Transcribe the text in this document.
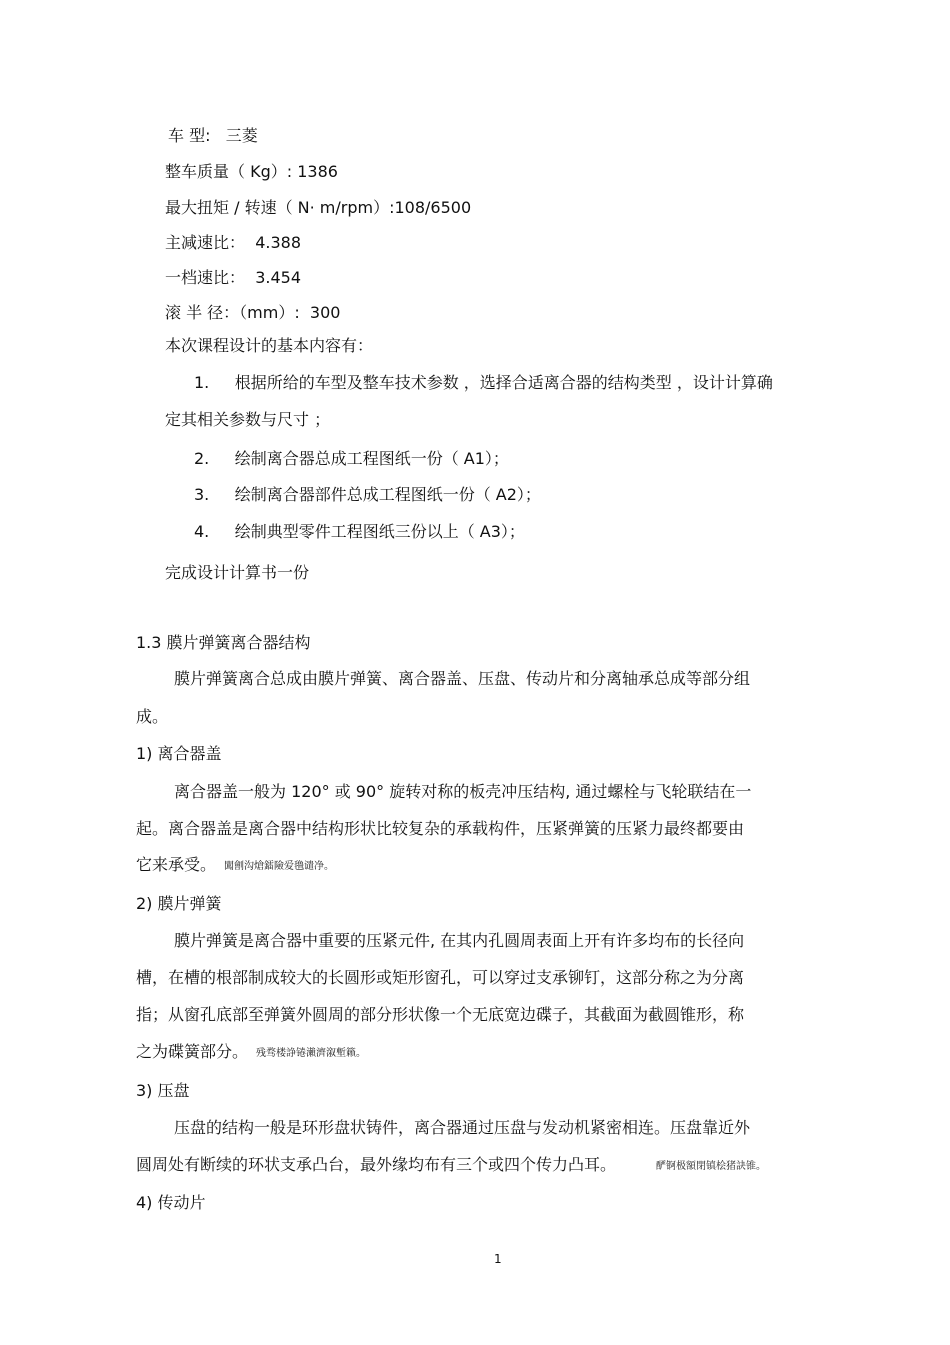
车 型: 三菱
整车质量（ Kg）: 1386
最大扭矩 / 转速（ N· m/rpm）:108/6500
主减速比： 4.388
一档速比： 3.454
滚 半 径：（mm）: 300
本次课程设计的基本内容有：
1. 根据所给的车型及整车技术参数 ，选择合适离合器的结构类型 ，设计计算确
定其相关参数与尺寸 ；
2. 绘制离合器总成工程图纸一份（ A1）；
3. 绘制离合器部件总成工程图纸一份（ A2）；
4. 绘制典型零件工程图纸三份以上（ A3）；
完成设计计算书一份
1.3 膜片弹簧离合器结构
膜片弹簧离合总成由膜片弹簧、离合器盖、压盘、传动片和分离轴承总成等部分组
成。
1) 离合器盖
离合器盖一般为 120° 或 90° 旋转对称的板壳冲压结构, 通过螺栓与飞轮联结在一
起。离合器盖是离合器中结构形状比较复杂的承载构件，压紧弹簧的压紧力最终都要由
它来承受。 闖劊沟熗鐳險爱氇谴净。
2) 膜片弹簧
膜片弹簧是离合器中重要的压紧元件, 在其内孔圆周表面上开有许多均布的长径向
槽，在槽的根部制成较大的长圆形或矩形窗孔，可以穿过支承铆钉，这部分称之为分离
指；从窗孔底部至弹簧外圆周的部分形状像一个无底宽边碟子，其截面为截圆锥形，称
之为碟簧部分。 残骛楼諍锩瀨濟溆塹籟。
3) 压盘
压盘的结构一般是环形盘状铸件，离合器通过压盘与发动机紧密相连。压盘靠近外
圆周处有断续的环状支承凸台，最外缘均布有三个或四个传力凸耳。	酽锕极額閉镇桧猪訣锥。
4) 传动片
1
